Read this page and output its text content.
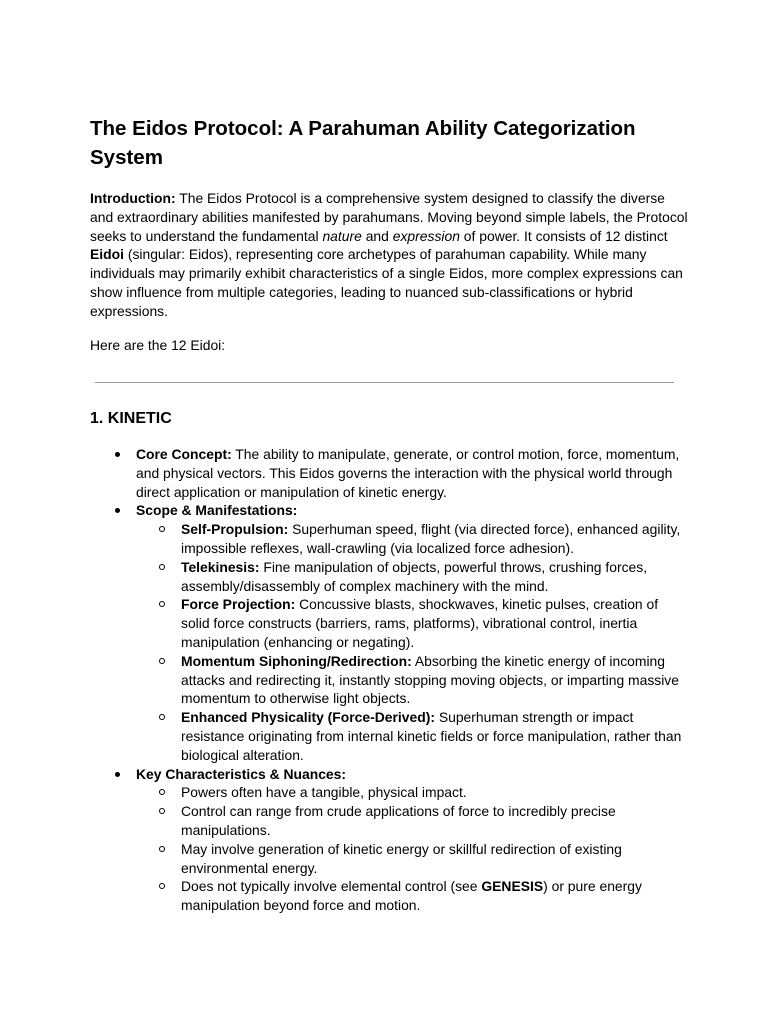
The Eidos Protocol: A Parahuman Ability Categorization System

Introduction: The Eidos Protocol is a comprehensive system designed to classify the diverse and extraordinary abilities manifested by parahumans. Moving beyond simple labels, the Protocol seeks to understand the fundamental nature and expression of power. It consists of 12 distinct Eidoi (singular: Eidos), representing core archetypes of parahuman capability. While many individuals may primarily exhibit characteristics of a single Eidos, more complex expressions can show influence from multiple categories, leading to nuanced sub-classifications or hybrid expressions.

Here are the 12 Eidoi:

1. KINETIC
Core Concept: The ability to manipulate, generate, or control motion, force, momentum, and physical vectors. This Eidos governs the interaction with the physical world through direct application or manipulation of kinetic energy.
Scope & Manifestations:
Self-Propulsion: Superhuman speed, flight (via directed force), enhanced agility, impossible reflexes, wall-crawling (via localized force adhesion).
Telekinesis: Fine manipulation of objects, powerful throws, crushing forces, assembly/disassembly of complex machinery with the mind.
Force Projection: Concussive blasts, shockwaves, kinetic pulses, creation of solid force constructs (barriers, rams, platforms), vibrational control, inertia manipulation (enhancing or negating).
Momentum Siphoning/Redirection: Absorbing the kinetic energy of incoming attacks and redirecting it, instantly stopping moving objects, or imparting massive momentum to otherwise light objects.
Enhanced Physicality (Force-Derived): Superhuman strength or impact resistance originating from internal kinetic fields or force manipulation, rather than biological alteration.
Key Characteristics & Nuances:
Powers often have a tangible, physical impact.
Control can range from crude applications of force to incredibly precise manipulations.
May involve generation of kinetic energy or skillful redirection of existing environmental energy.
Does not typically involve elemental control (see GENESIS) or pure energy manipulation beyond force and motion.
